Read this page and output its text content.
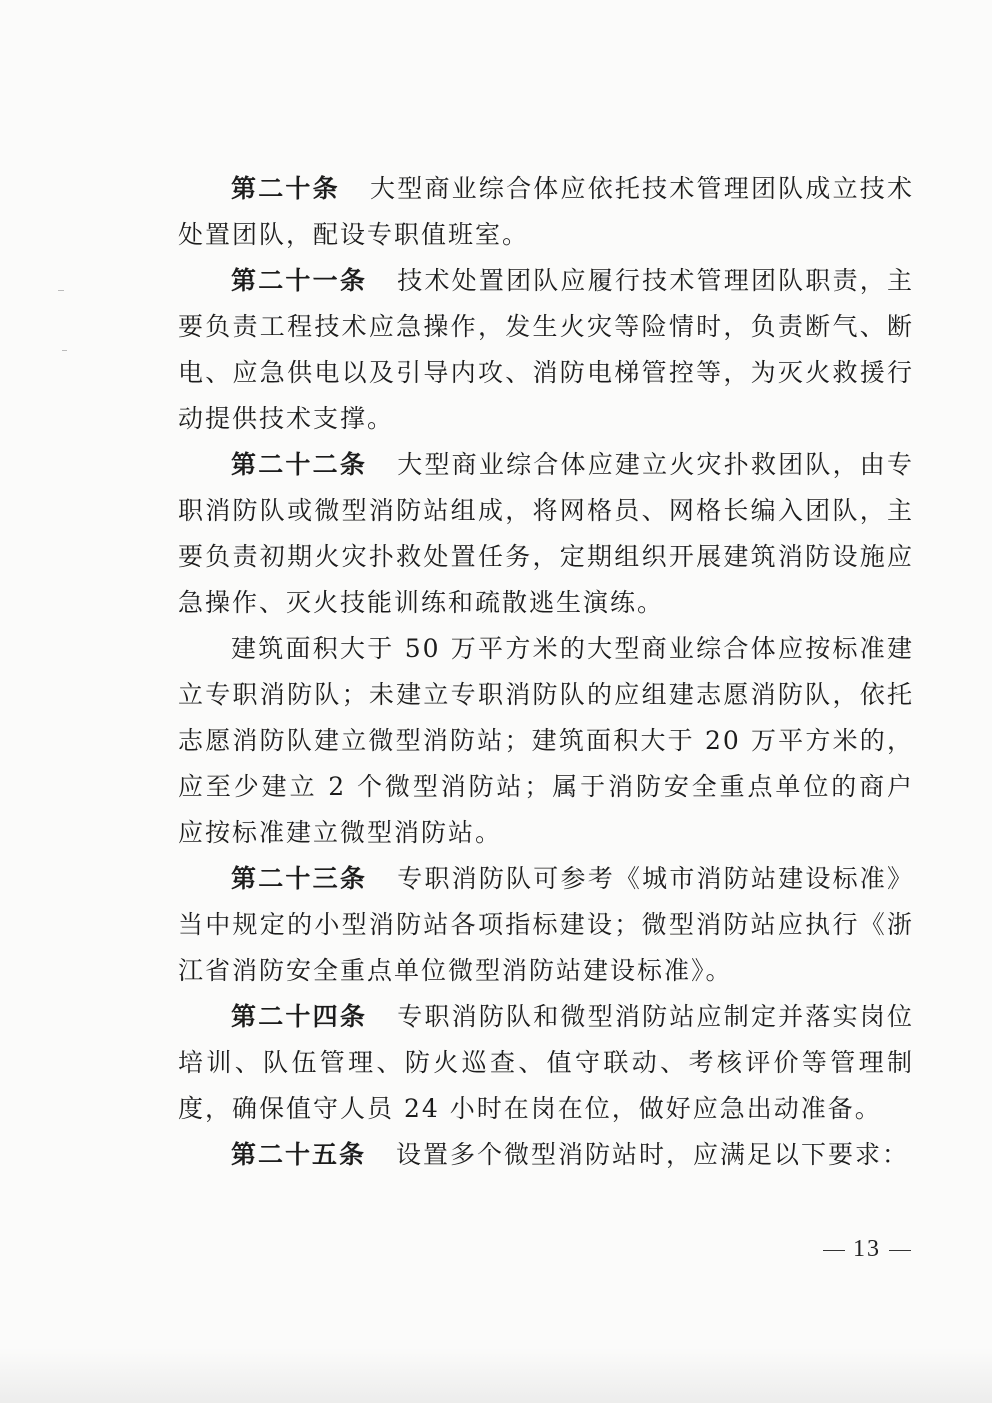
第二十条 大型商业综合体应依托技术管理团队成立技术处置团队，配设专职值班室。

第二十一条 技术处置团队应履行技术管理团队职责，主要负责工程技术应急操作，发生火灾等险情时，负责断气、断电、应急供电以及引导内攻、消防电梯管控等，为灭火救援行动提供技术支撑。

第二十二条 大型商业综合体应建立火灾扑救团队，由专职消防队或微型消防站组成，将网格员、网格长编入团队，主要负责初期火灾扑救处置任务，定期组织开展建筑消防设施应急操作、灭火技能训练和疏散逃生演练。

建筑面积大于 50 万平方米的大型商业综合体应按标准建立专职消防队；未建立专职消防队的应组建志愿消防队，依托志愿消防队建立微型消防站；建筑面积大于 20 万平方米的，应至少建立 2 个微型消防站；属于消防安全重点单位的商户应按标准建立微型消防站。

第二十三条 专职消防队可参考《城市消防站建设标准》当中规定的小型消防站各项指标建设；微型消防站应执行《浙江省消防安全重点单位微型消防站建设标准》。

第二十四条 专职消防队和微型消防站应制定并落实岗位培训、队伍管理、防火巡查、值守联动、考核评价等管理制度，确保值守人员 24 小时在岗在位，做好应急出动准备。

第二十五条 设置多个微型消防站时，应满足以下要求：

13
